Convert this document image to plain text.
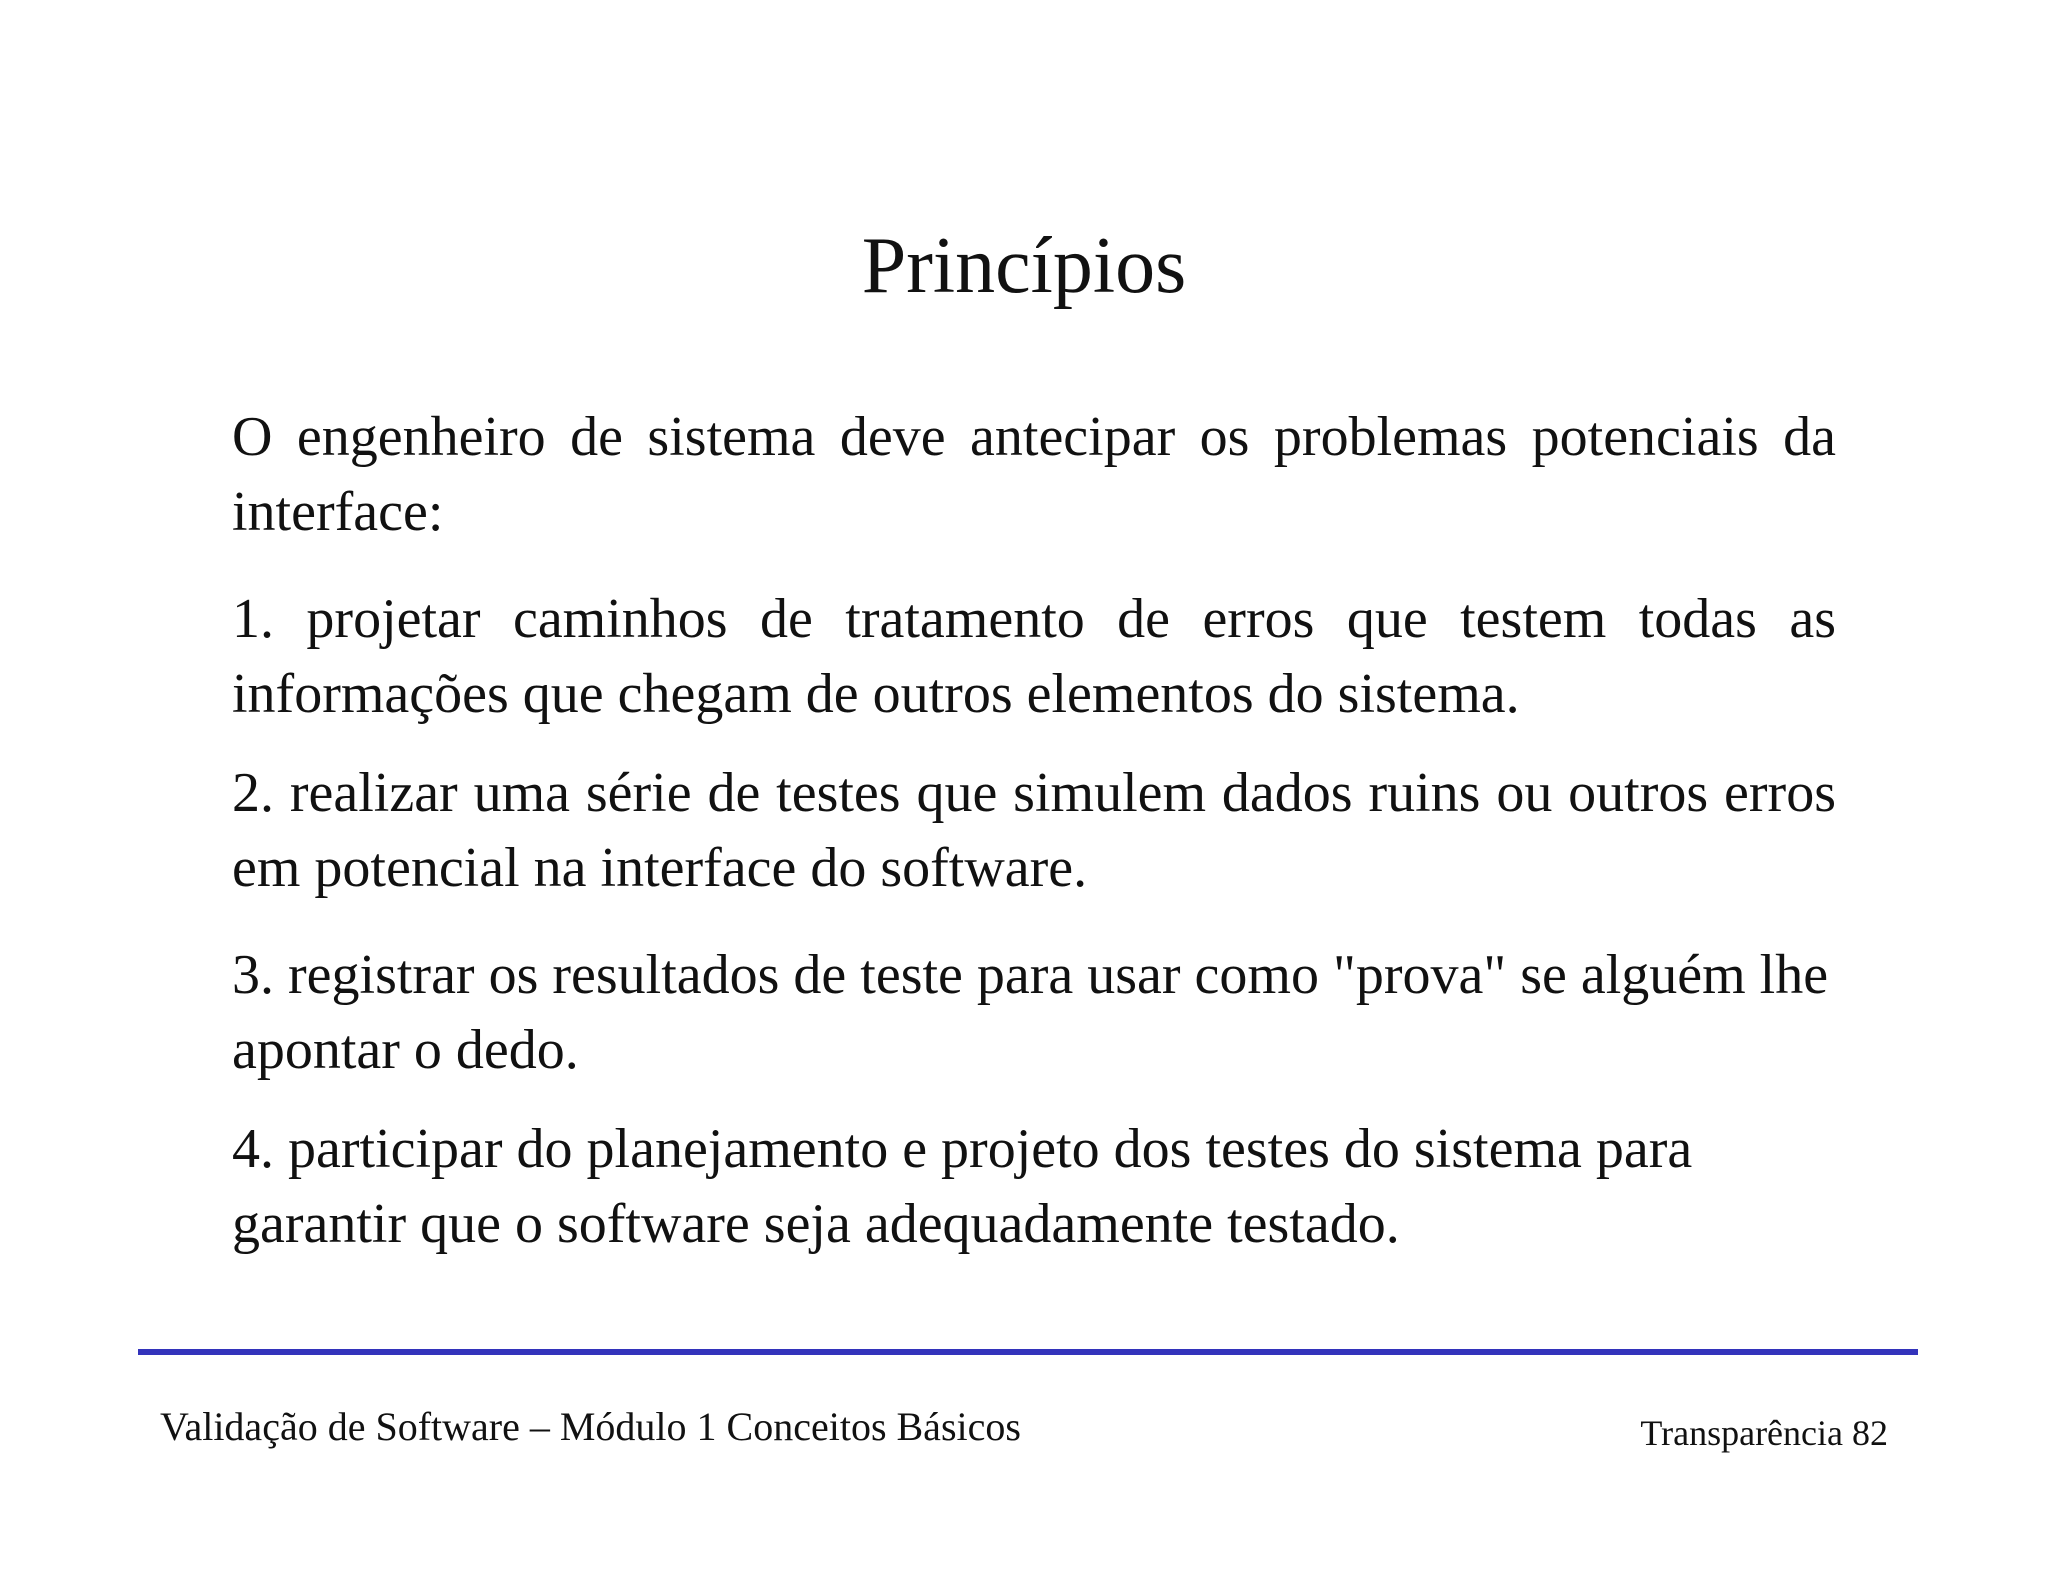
Princípios

O engenheiro de sistema deve antecipar os problemas potenciais da interface:

1. projetar caminhos de tratamento de erros que testem todas as informações que chegam de outros elementos do sistema.

2. realizar uma série de testes que simulem dados ruins ou outros erros em potencial na interface do software.

3. registrar os resultados de teste para usar como "prova" se alguém lhe apontar o dedo.

4. participar do planejamento e projeto dos testes do sistema para garantir que o software seja adequadamente testado.

Validação de Software – Módulo 1 Conceitos Básicos	Transparência 82
